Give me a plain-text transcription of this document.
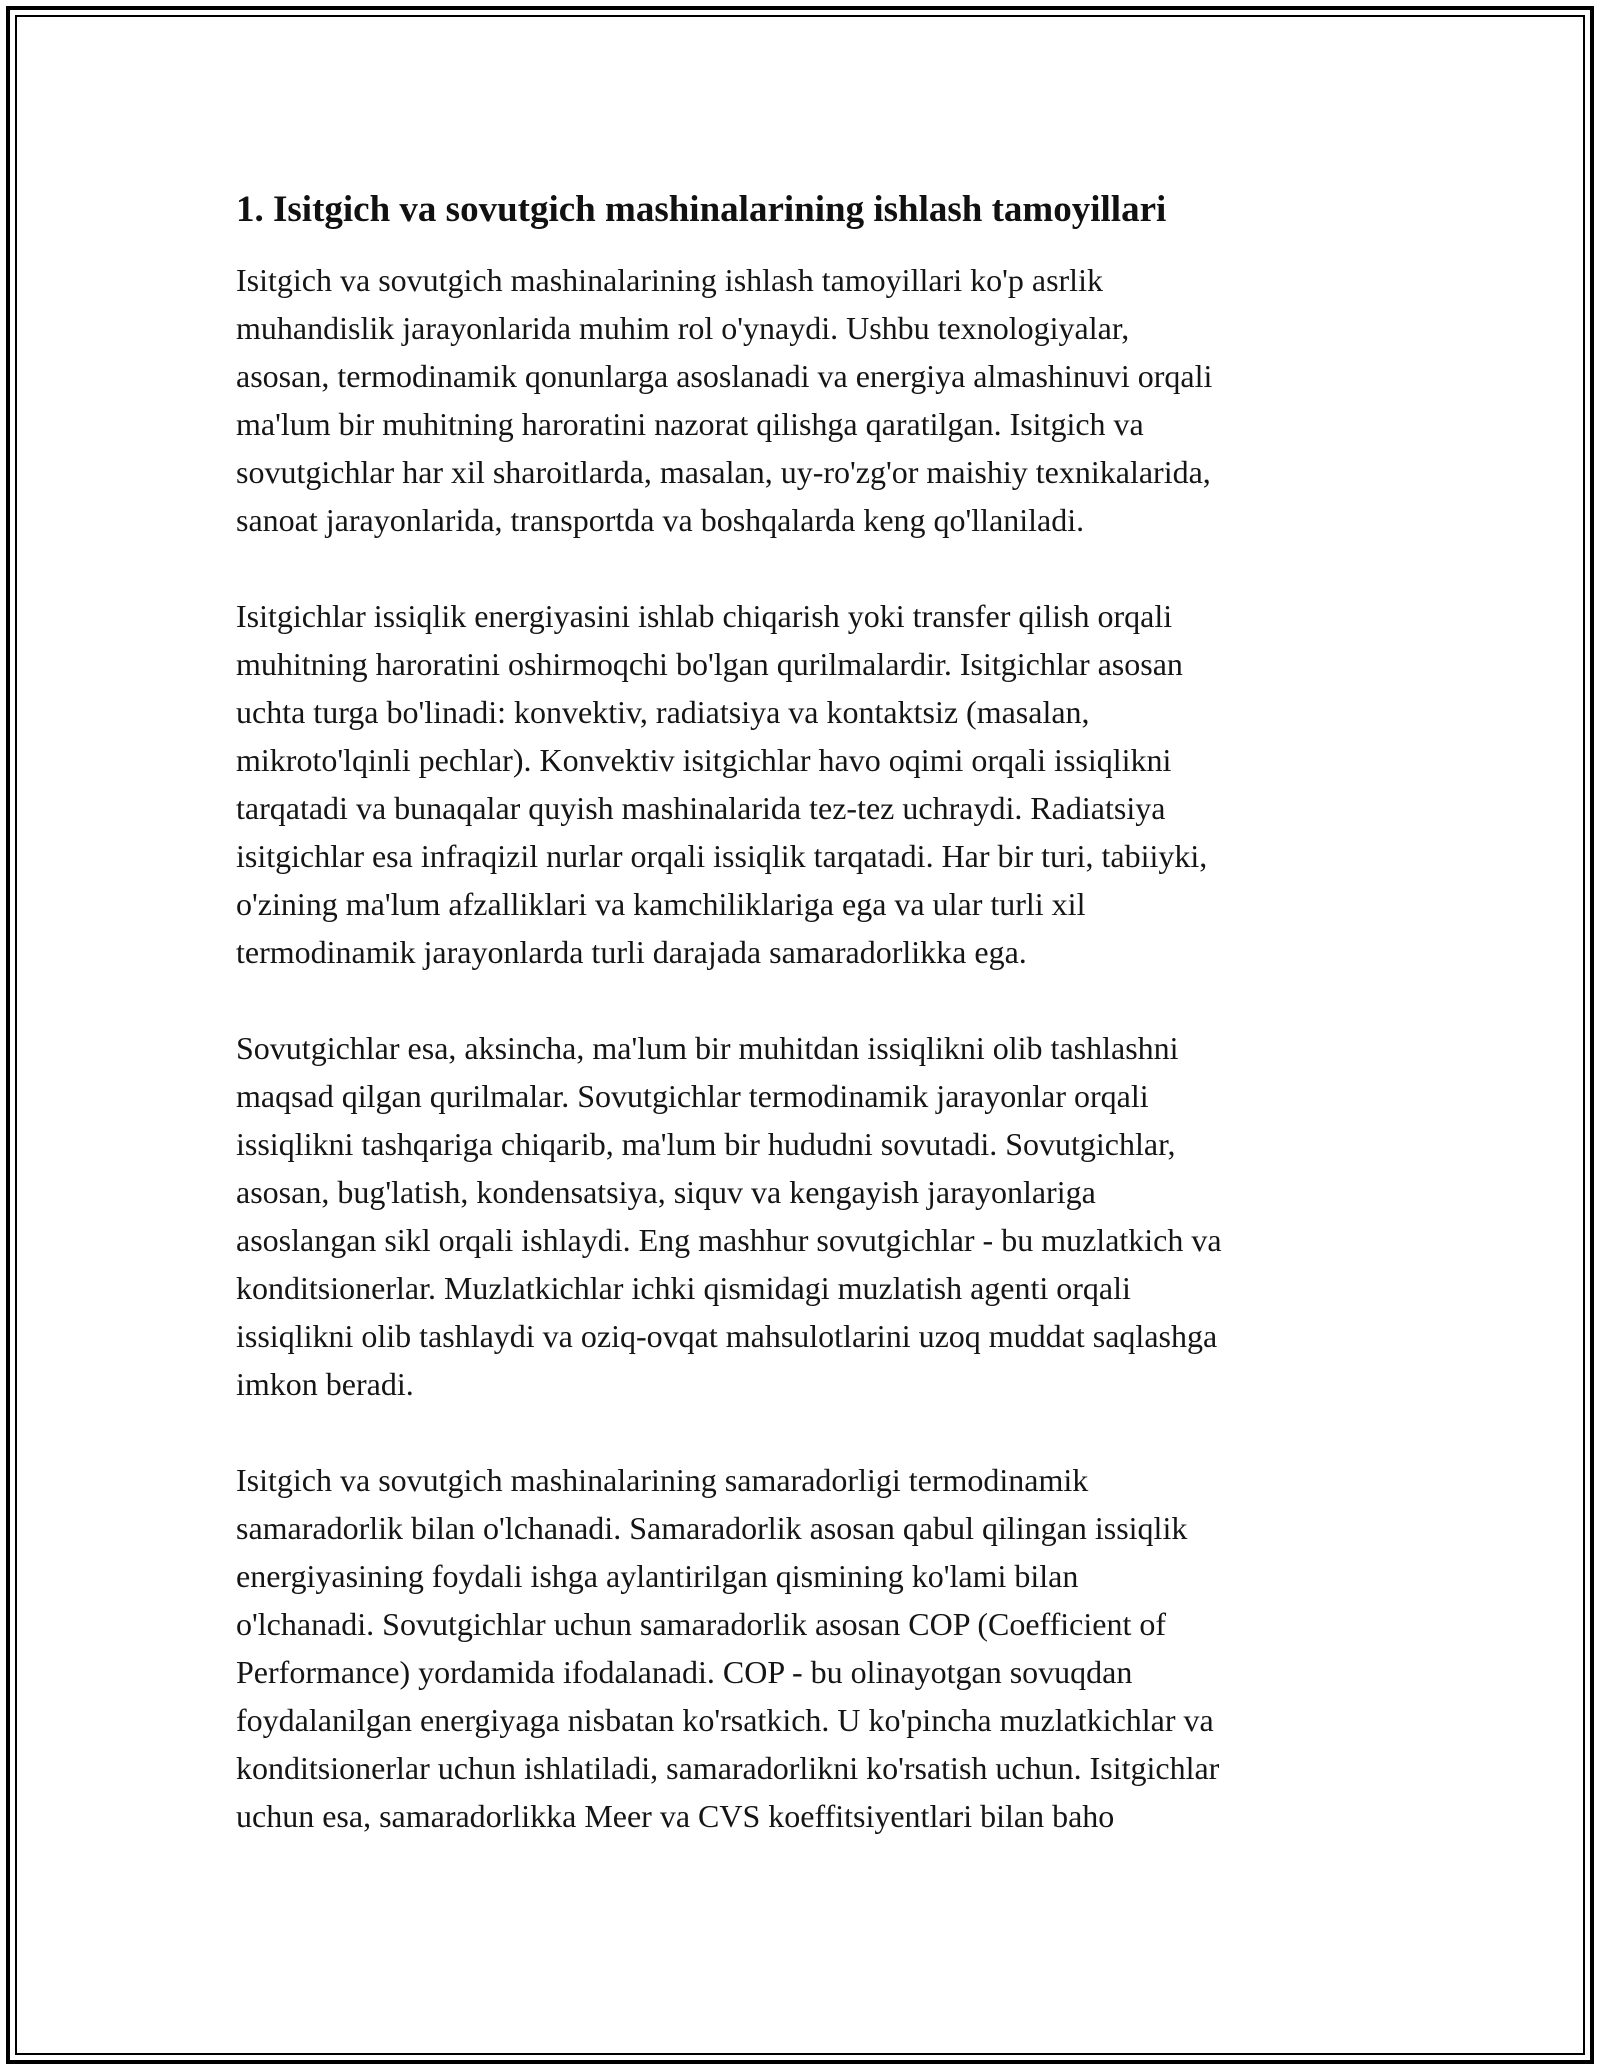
1. Isitgich va sovutgich mashinalarining ishlash tamoyillari
Isitgich va sovutgich mashinalarining ishlash tamoyillari ko'p asrlik
muhandislik jarayonlarida muhim rol o'ynaydi. Ushbu texnologiyalar,
asosan, termodinamik qonunlarga asoslanadi va energiya almashinuvi orqali
ma'lum bir muhitning haroratini nazorat qilishga qaratilgan. Isitgich va
sovutgichlar har xil sharoitlarda, masalan, uy-ro'zg'or maishiy texnikalarida,
sanoat jarayonlarida, transportda va boshqalarda keng qo'llaniladi.
Isitgichlar issiqlik energiyasini ishlab chiqarish yoki transfer qilish orqali
muhitning haroratini oshirmoqchi bo'lgan qurilmalardir. Isitgichlar asosan
uchta turga bo'linadi: konvektiv, radiatsiya va kontaktsiz (masalan,
mikroto'lqinli pechlar). Konvektiv isitgichlar havo oqimi orqali issiqlikni
tarqatadi va bunaqalar quyish mashinalarida tez-tez uchraydi. Radiatsiya
isitgichlar esa infraqizil nurlar orqali issiqlik tarqatadi. Har bir turi, tabiiyki,
o'zining ma'lum afzalliklari va kamchiliklariga ega va ular turli xil
termodinamik jarayonlarda turli darajada samaradorlikka ega.
Sovutgichlar esa, aksincha, ma'lum bir muhitdan issiqlikni olib tashlashni
maqsad qilgan qurilmalar. Sovutgichlar termodinamik jarayonlar orqali
issiqlikni tashqariga chiqarib, ma'lum bir hududni sovutadi. Sovutgichlar,
asosan, bug'latish, kondensatsiya, siquv va kengayish jarayonlariga
asoslangan sikl orqali ishlaydi. Eng mashhur sovutgichlar - bu muzlatkich va
konditsionerlar. Muzlatkichlar ichki qismidagi muzlatish agenti orqali
issiqlikni olib tashlaydi va oziq-ovqat mahsulotlarini uzoq muddat saqlashga
imkon beradi.
Isitgich va sovutgich mashinalarining samaradorligi termodinamik
samaradorlik bilan o'lchanadi. Samaradorlik asosan qabul qilingan issiqlik
energiyasining foydali ishga aylantirilgan qismining ko'lami bilan
o'lchanadi. Sovutgichlar uchun samaradorlik asosan COP (Coefficient of
Performance) yordamida ifodalanadi. COP - bu olinayotgan sovuqdan
foydalanilgan energiyaga nisbatan ko'rsatkich. U ko'pincha muzlatkichlar va
konditsionerlar uchun ishlatiladi, samaradorlikni ko'rsatish uchun. Isitgichlar
uchun esa, samaradorlikka Meer va CVS koeffitsiyentlari bilan baho
